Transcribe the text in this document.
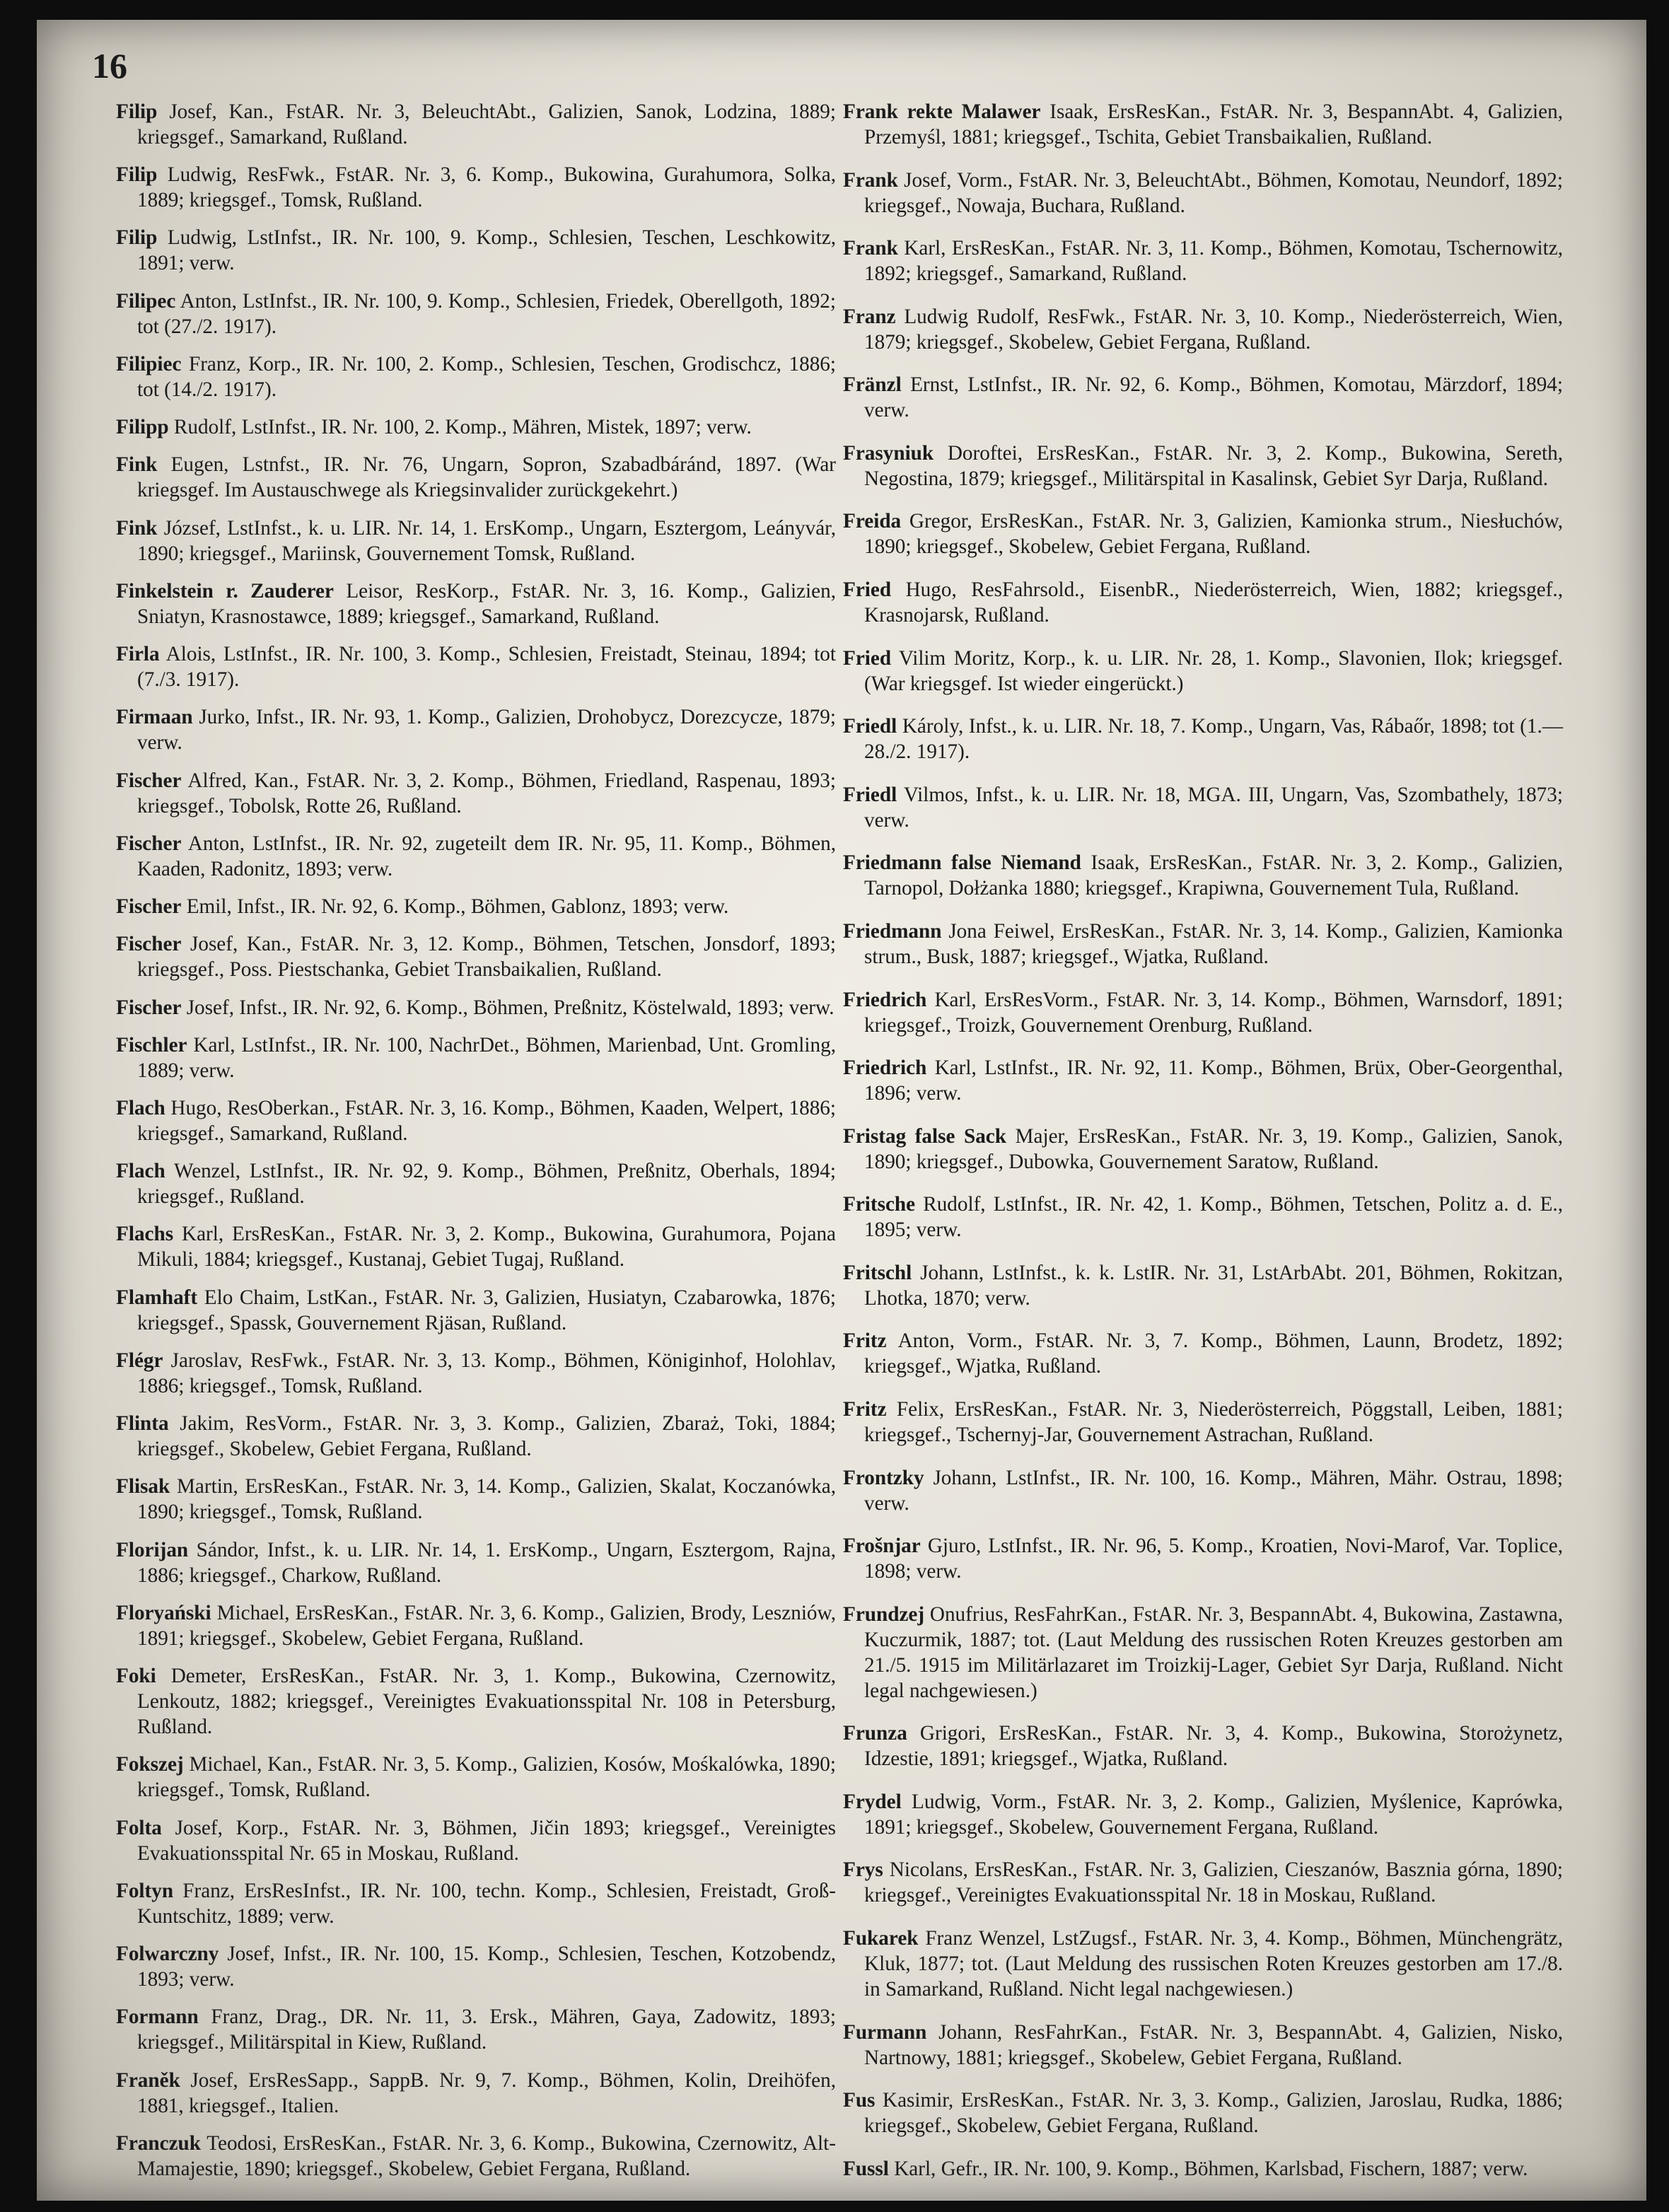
16
Filip Josef, Kan., FstAR. Nr. 3, BeleuchtAbt., Galizien, Sanok, Lodzina, 1889; kriegsgef., Samarkand, Rußland.
Filip Ludwig, ResFwk., FstAR. Nr. 3, 6. Komp., Bukowina, Gurahumora, Solka, 1889; kriegsgef., Tomsk, Rußland.
Filip Ludwig, LstInfst., IR. Nr. 100, 9. Komp., Schlesien, Teschen, Leschkowitz, 1891; verw.
Filipec Anton, LstInfst., IR. Nr. 100, 9. Komp., Schlesien, Friedek, Oberellgoth, 1892; tot (27./2. 1917).
Filipiec Franz, Korp., IR. Nr. 100, 2. Komp., Schlesien, Teschen, Grodischcz, 1886; tot (14./2. 1917).
Filipp Rudolf, LstInfst., IR. Nr. 100, 2. Komp., Mähren, Mistek, 1897; verw.
Fink Eugen, Lstnfst., IR. Nr. 76, Ungarn, Sopron, Szabadbáránd, 1897. (War kriegsgef. Im Austauschwege als Kriegsinvalider zurückgekehrt.)
Fink József, LstInfst., k. u. LIR. Nr. 14, 1. ErsKomp., Ungarn, Esztergom, Leányvár, 1890; kriegsgef., Mariinsk, Gouvernement Tomsk, Rußland.
Finkelstein r. Zauderer Leisor, ResKorp., FstAR. Nr. 3, 16. Komp., Galizien, Sniatyn, Krasnostawce, 1889; kriegsgef., Samarkand, Rußland.
Firla Alois, LstInfst., IR. Nr. 100, 3. Komp., Schlesien, Freistadt, Steinau, 1894; tot (7./3. 1917).
Firmaan Jurko, Infst., IR. Nr. 93, 1. Komp., Galizien, Drohobycz, Dorezcycze, 1879; verw.
Fischer Alfred, Kan., FstAR. Nr. 3, 2. Komp., Böhmen, Friedland, Raspenau, 1893; kriegsgef., Tobolsk, Rotte 26, Rußland.
Fischer Anton, LstInfst., IR. Nr. 92, zugeteilt dem IR. Nr. 95, 11. Komp., Böhmen, Kaaden, Radonitz, 1893; verw.
Fischer Emil, Infst., IR. Nr. 92, 6. Komp., Böhmen, Gablonz, 1893; verw.
Fischer Josef, Kan., FstAR. Nr. 3, 12. Komp., Böhmen, Tetschen, Jonsdorf, 1893; kriegsgef., Poss. Piestschanka, Gebiet Transbaikalien, Rußland.
Fischer Josef, Infst., IR. Nr. 92, 6. Komp., Böhmen, Preßnitz, Köstelwald, 1893; verw.
Fischler Karl, LstInfst., IR. Nr. 100, NachrDet., Böhmen, Marienbad, Unt. Gromling, 1889; verw.
Flach Hugo, ResOberkan., FstAR. Nr. 3, 16. Komp., Böhmen, Kaaden, Welpert, 1886; kriegsgef., Samarkand, Rußland.
Flach Wenzel, LstInfst., IR. Nr. 92, 9. Komp., Böhmen, Preßnitz, Oberhals, 1894; kriegsgef., Rußland.
Flachs Karl, ErsResKan., FstAR. Nr. 3, 2. Komp., Bukowina, Gurahumora, Pojana Mikuli, 1884; kriegsgef., Kustanaj, Gebiet Tugaj, Rußland.
Flamhaft Elo Chaim, LstKan., FstAR. Nr. 3, Galizien, Husiatyn, Czabarowka, 1876; kriegsgef., Spassk, Gouvernement Rjäsan, Rußland.
Flégr Jaroslav, ResFwk., FstAR. Nr. 3, 13. Komp., Böhmen, Königinhof, Holohlav, 1886; kriegsgef., Tomsk, Rußland.
Flinta Jakim, ResVorm., FstAR. Nr. 3, 3. Komp., Galizien, Zbaraż, Toki, 1884; kriegsgef., Skobelew, Gebiet Fergana, Rußland.
Flisak Martin, ErsResKan., FstAR. Nr. 3, 14. Komp., Galizien, Skalat, Koczanówka, 1890; kriegsgef., Tomsk, Rußland.
Florijan Sándor, Infst., k. u. LIR. Nr. 14, 1. ErsKomp., Ungarn, Esztergom, Rajna, 1886; kriegsgef., Charkow, Rußland.
Floryański Michael, ErsResKan., FstAR. Nr. 3, 6. Komp., Galizien, Brody, Leszniów, 1891; kriegsgef., Skobelew, Gebiet Fergana, Rußland.
Foki Demeter, ErsResKan., FstAR. Nr. 3, 1. Komp., Bukowina, Czernowitz, Lenkoutz, 1882; kriegsgef., Vereinigtes Evakuationsspital Nr. 108 in Petersburg, Rußland.
Fokszej Michael, Kan., FstAR. Nr. 3, 5. Komp., Galizien, Kosów, Mośkalówka, 1890; kriegsgef., Tomsk, Rußland.
Folta Josef, Korp., FstAR. Nr. 3, Böhmen, Jičin 1893; kriegsgef., Vereinigtes Evakuationsspital Nr. 65 in Moskau, Rußland.
Foltyn Franz, ErsResInfst., IR. Nr. 100, techn. Komp., Schlesien, Freistadt, Groß-Kuntschitz, 1889; verw.
Folwarczny Josef, Infst., IR. Nr. 100, 15. Komp., Schlesien, Teschen, Kotzobendz, 1893; verw.
Formann Franz, Drag., DR. Nr. 11, 3. Ersk., Mähren, Gaya, Zadowitz, 1893; kriegsgef., Militärspital in Kiew, Rußland.
Franěk Josef, ErsResSapp., SappB. Nr. 9, 7. Komp., Böhmen, Kolin, Dreihöfen, 1881, kriegsgef., Italien.
Franczuk Teodosi, ErsResKan., FstAR. Nr. 3, 6. Komp., Bukowina, Czernowitz, Alt-Mamajestie, 1890; kriegsgef., Skobelew, Gebiet Fergana, Rußland.
Frank rekte Malawer Isaak, ErsResKan., FstAR. Nr. 3, BespannAbt. 4, Galizien, Przemyśl, 1881; kriegsgef., Tschita, Gebiet Transbaikalien, Rußland.
Frank Josef, Vorm., FstAR. Nr. 3, BeleuchtAbt., Böhmen, Komotau, Neundorf, 1892; kriegsgef., Nowaja, Buchara, Rußland.
Frank Karl, ErsResKan., FstAR. Nr. 3, 11. Komp., Böhmen, Komotau, Tschernowitz, 1892; kriegsgef., Samarkand, Rußland.
Franz Ludwig Rudolf, ResFwk., FstAR. Nr. 3, 10. Komp., Niederösterreich, Wien, 1879; kriegsgef., Skobelew, Gebiet Fergana, Rußland.
Fränzl Ernst, LstInfst., IR. Nr. 92, 6. Komp., Böhmen, Komotau, Märzdorf, 1894; verw.
Frasyniuk Doroftei, ErsResKan., FstAR. Nr. 3, 2. Komp., Bukowina, Sereth, Negostina, 1879; kriegsgef., Militärspital in Kasalinsk, Gebiet Syr Darja, Rußland.
Freida Gregor, ErsResKan., FstAR. Nr. 3, Galizien, Kamionka strum., Niesłuchów, 1890; kriegsgef., Skobelew, Gebiet Fergana, Rußland.
Fried Hugo, ResFahrsold., EisenbR., Niederösterreich, Wien, 1882; kriegsgef., Krasnojarsk, Rußland.
Fried Vilim Moritz, Korp., k. u. LIR. Nr. 28, 1. Komp., Slavonien, Ilok; kriegsgef. (War kriegsgef. Ist wieder eingerückt.)
Friedl Károly, Infst., k. u. LIR. Nr. 18, 7. Komp., Ungarn, Vas, Rábaőr, 1898; tot (1.—28./2. 1917).
Friedl Vilmos, Infst., k. u. LIR. Nr. 18, MGA. III, Ungarn, Vas, Szombathely, 1873; verw.
Friedmann false Niemand Isaak, ErsResKan., FstAR. Nr. 3, 2. Komp., Galizien, Tarnopol, Dołżanka 1880; kriegsgef., Krapiwna, Gouvernement Tula, Rußland.
Friedmann Jona Feiwel, ErsResKan., FstAR. Nr. 3, 14. Komp., Galizien, Kamionka strum., Busk, 1887; kriegsgef., Wjatka, Rußland.
Friedrich Karl, ErsResVorm., FstAR. Nr. 3, 14. Komp., Böhmen, Warnsdorf, 1891; kriegsgef., Troizk, Gouvernement Orenburg, Rußland.
Friedrich Karl, LstInfst., IR. Nr. 92, 11. Komp., Böhmen, Brüx, Ober-Georgenthal, 1896; verw.
Fristag false Sack Majer, ErsResKan., FstAR. Nr. 3, 19. Komp., Galizien, Sanok, 1890; kriegsgef., Dubowka, Gouvernement Saratow, Rußland.
Fritsche Rudolf, LstInfst., IR. Nr. 42, 1. Komp., Böhmen, Tetschen, Politz a. d. E., 1895; verw.
Fritschl Johann, LstInfst., k. k. LstIR. Nr. 31, LstArbAbt. 201, Böhmen, Rokitzan, Lhotka, 1870; verw.
Fritz Anton, Vorm., FstAR. Nr. 3, 7. Komp., Böhmen, Launn, Brodetz, 1892; kriegsgef., Wjatka, Rußland.
Fritz Felix, ErsResKan., FstAR. Nr. 3, Niederösterreich, Pöggstall, Leiben, 1881; kriegsgef., Tschernyj-Jar, Gouvernement Astrachan, Rußland.
Frontzky Johann, LstInfst., IR. Nr. 100, 16. Komp., Mähren, Mähr. Ostrau, 1898; verw.
Frošnjar Gjuro, LstInfst., IR. Nr. 96, 5. Komp., Kroatien, Novi-Marof, Var. Toplice, 1898; verw.
Frundzej Onufrius, ResFahrKan., FstAR. Nr. 3, BespannAbt. 4, Bukowina, Zastawna, Kuczurmik, 1887; tot. (Laut Meldung des russischen Roten Kreuzes gestorben am 21./5. 1915 im Militärlazaret im Troizkij-Lager, Gebiet Syr Darja, Rußland. Nicht legal nachgewiesen.)
Frunza Grigori, ErsResKan., FstAR. Nr. 3, 4. Komp., Bukowina, Storożynetz, Idzestie, 1891; kriegsgef., Wjatka, Rußland.
Frydel Ludwig, Vorm., FstAR. Nr. 3, 2. Komp., Galizien, Myślenice, Kaprówka, 1891; kriegsgef., Skobelew, Gouvernement Fergana, Rußland.
Frys Nicolans, ErsResKan., FstAR. Nr. 3, Galizien, Cieszanów, Basznia górna, 1890; kriegsgef., Vereinigtes Evakuationsspital Nr. 18 in Moskau, Rußland.
Fukarek Franz Wenzel, LstZugsf., FstAR. Nr. 3, 4. Komp., Böhmen, Münchengrätz, Kluk, 1877; tot. (Laut Meldung des russischen Roten Kreuzes gestorben am 17./8. in Samarkand, Rußland. Nicht legal nachgewiesen.)
Furmann Johann, ResFahrKan., FstAR. Nr. 3, BespannAbt. 4, Galizien, Nisko, Nartnowy, 1881; kriegsgef., Skobelew, Gebiet Fergana, Rußland.
Fus Kasimir, ErsResKan., FstAR. Nr. 3, 3. Komp., Galizien, Jaroslau, Rudka, 1886; kriegsgef., Skobelew, Gebiet Fergana, Rußland.
Fussl Karl, Gefr., IR. Nr. 100, 9. Komp., Böhmen, Karlsbad, Fischern, 1887; verw.
